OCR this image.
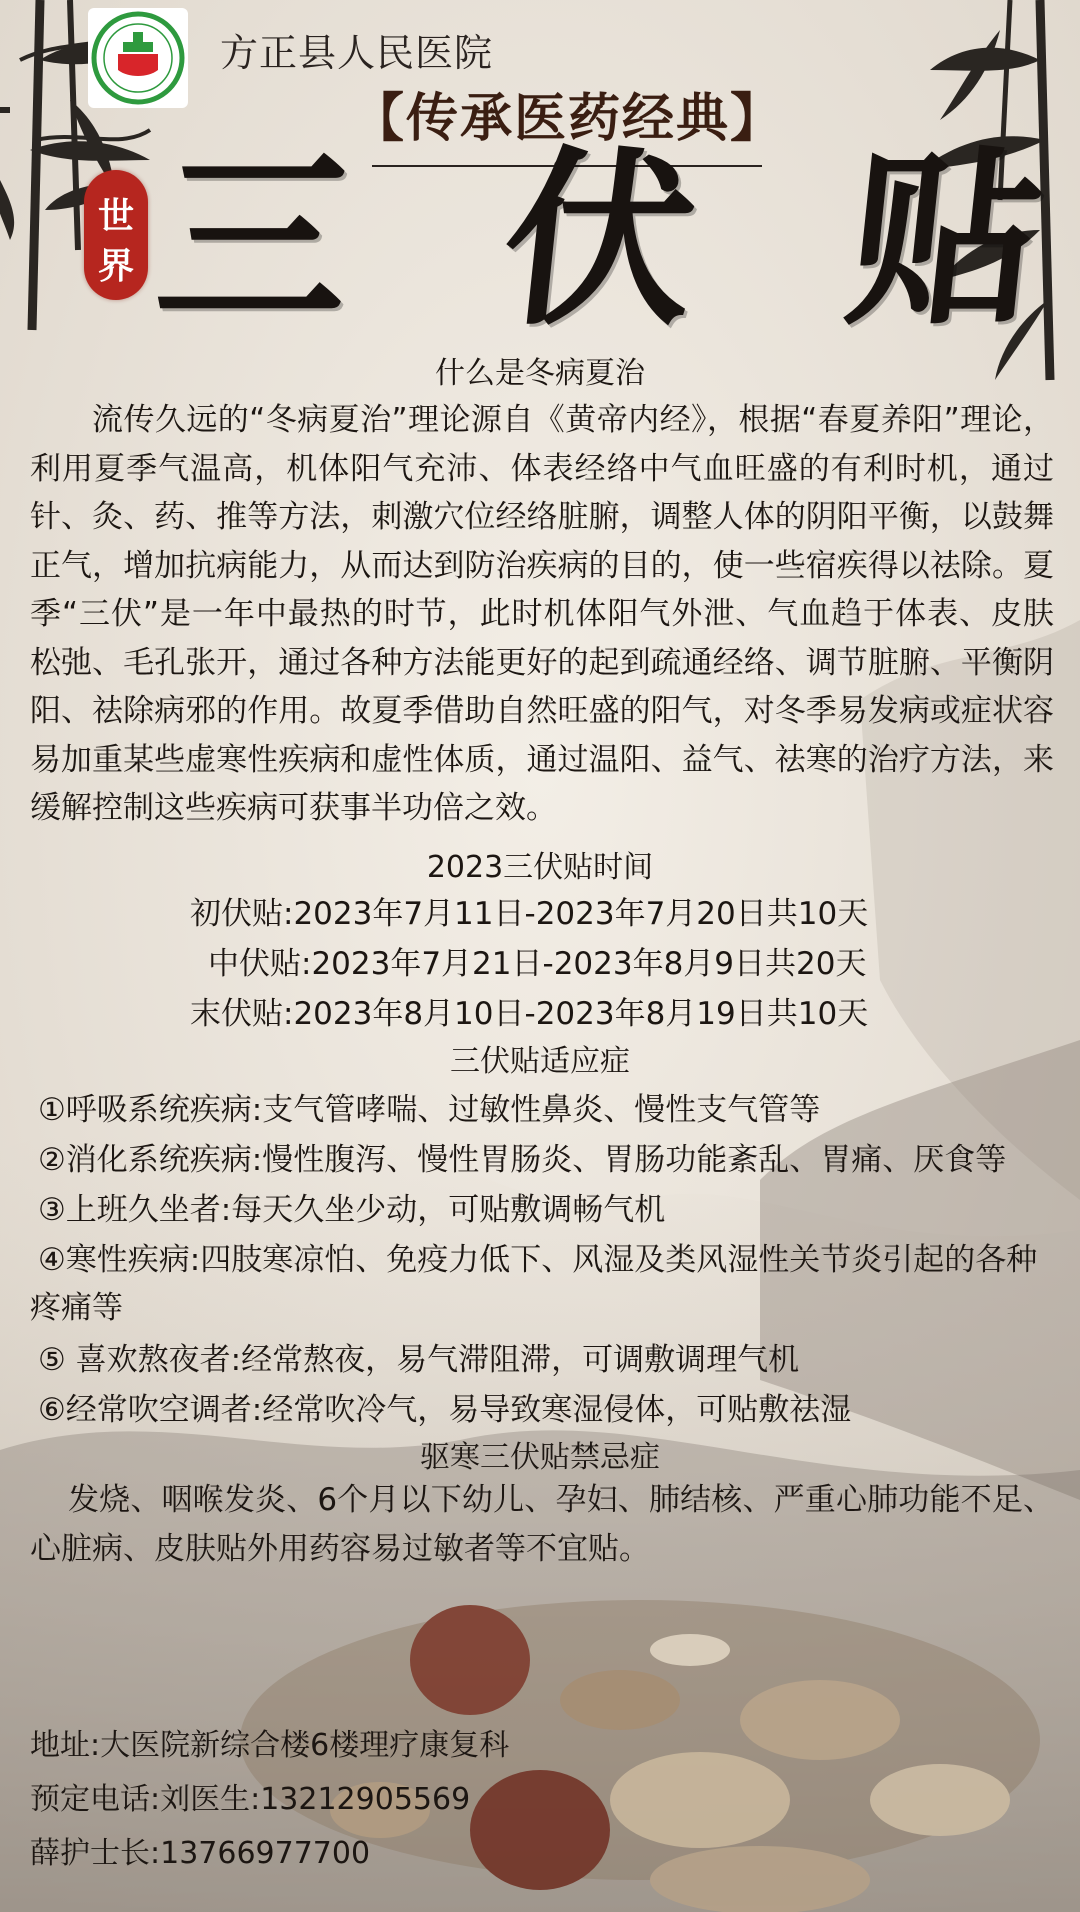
方正县人民医院
【传承医药经典】
世
界 三 伏 贴
什么是冬病夏治
流传久远的“冬病夏治”理论源自《黄帝内经》，根据“春夏养阳”理论，利用夏季气温高，机体阳气充沛、体表经络中气血旺盛的有利时机，通过针、灸、药、推等方法，刺激穴位经络脏腑，调整人体的阴阳平衡，以鼓舞正气，增加抗病能力，从而达到防治疾病的目的，使一些宿疾得以祛除。夏季“三伏”是一年中最热的时节，此时机体阳气外泄、气血趋于体表、皮肤松弛、毛孔张开，通过各种方法能更好的起到疏通经络、调节脏腑、平衡阴阳、祛除病邪的作用。故夏季借助自然旺盛的阳气，对冬季易发病或症状容易加重某些虚寒性疾病和虚性体质，通过温阳、益气、祛寒的治疗方法，来缓解控制这些疾病可获事半功倍之效。
2023三伏贴时间
初伏贴:2023年7月11日-2023年7月20日共10天
中伏贴:2023年7月21日-2023年8月9日共20天
末伏贴:2023年8月10日-2023年8月19日共10天
三伏贴适应症
①呼吸系统疾病:支气管哮喘、过敏性鼻炎、慢性支气管等
②消化系统疾病:慢性腹泻、慢性胃肠炎、胃肠功能紊乱、胃痛、厌食等
③上班久坐者:每天久坐少动，可贴敷调畅气机
④寒性疾病:四肢寒凉怕、免疫力低下、风湿及类风湿性关节炎引起的各种
疼痛等
⑤ 喜欢熬夜者:经常熬夜，易气滞阻滞，可调敷调理气机
⑥经常吹空调者:经常吹冷气，易导致寒湿侵体，可贴敷祛湿
驱寒三伏贴禁忌症
发烧、咽喉发炎、6个月以下幼儿、孕妇、肺结核、严重心肺功能不足、心脏病、皮肤贴外用药容易过敏者等不宜贴。
地址:大医院新综合楼6楼理疗康复科
预定电话:刘医生:13212905569
薛护士长:13766977700
